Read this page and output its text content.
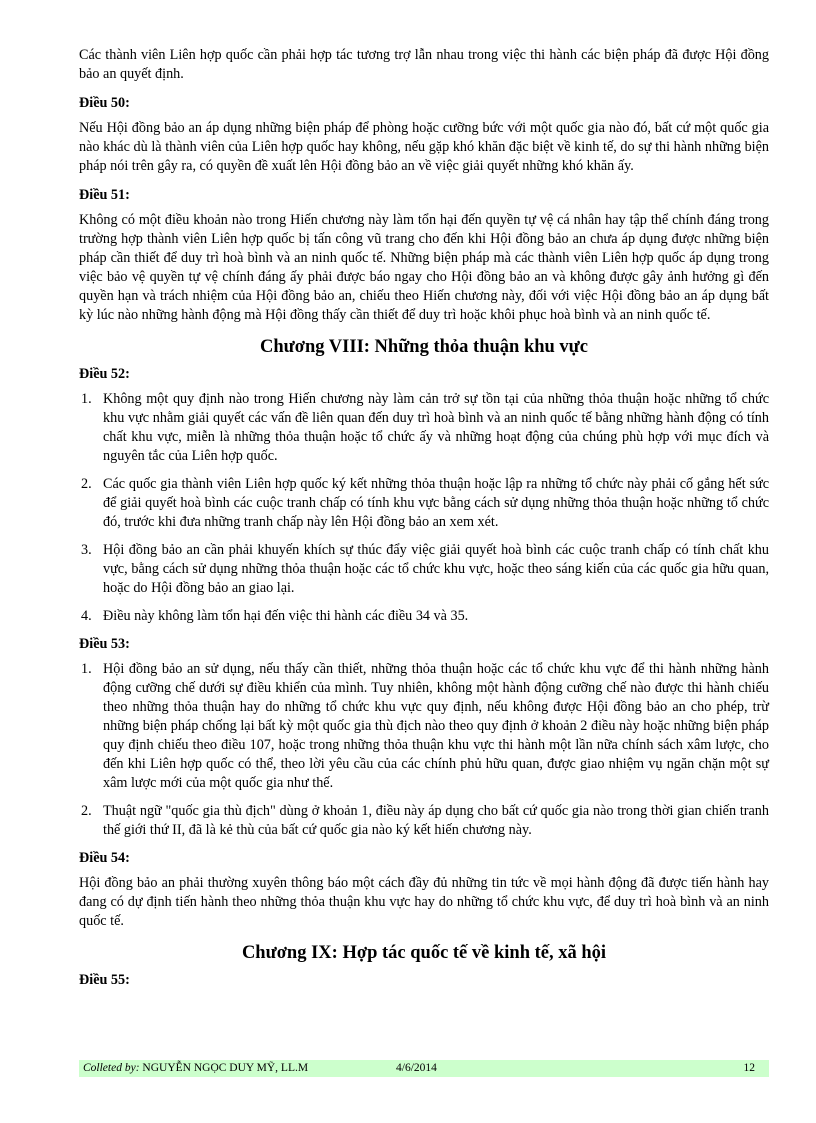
Các thành viên Liên hợp quốc cần phải hợp tác tương trợ lẫn nhau trong việc thi hành các biện pháp đã được Hội đồng bảo an quyết định.

Điều 50:

Nếu Hội đồng bảo an áp dụng những biện pháp để phòng hoặc cưỡng bức với một quốc gia nào đó, bất cứ một quốc gia nào khác dù là thành viên của Liên hợp quốc hay không, nếu gặp khó khăn đặc biệt về kinh tế, do sự thi hành những biện pháp nói trên gây ra, có quyền đề xuất lên Hội đồng bảo an về việc giải quyết những khó khăn ấy.

Điều 51:

Không có một điều khoản nào trong Hiến chương này làm tổn hại đến quyền tự vệ cá nhân hay tập thể chính đáng trong trường hợp thành viên Liên hợp quốc bị tấn công vũ trang cho đến khi Hội đồng bảo an chưa áp dụng được những biện pháp cần thiết để duy trì hoà bình và an ninh quốc tế. Những biện pháp mà các thành viên Liên hợp quốc áp dụng trong việc bảo vệ quyền tự vệ chính đáng ấy phải được báo ngay cho Hội đồng bảo an và không được gây ảnh hưởng gì đến quyền hạn và trách nhiệm của Hội đồng bảo an, chiếu theo Hiến chương này, đối với việc Hội đồng bảo an áp dụng bất kỳ lúc nào những hành động mà Hội đồng thấy cần thiết để duy trì hoặc khôi phục hoà bình và an ninh quốc tế.

Chương VIII: Những thỏa thuận khu vực
Điều 52:
1. Không một quy định nào trong Hiến chương này làm cản trở sự tồn tại của những thỏa thuận hoặc những tổ chức khu vực nhằm giải quyết các vấn đề liên quan đến duy trì hoà bình và an ninh quốc tế bằng những hành động có tính chất khu vực, miễn là những thỏa thuận hoặc tổ chức ấy và những hoạt động của chúng phù hợp với mục đích và nguyên tắc của Liên hợp quốc.
2. Các quốc gia thành viên Liên hợp quốc ký kết những thỏa thuận hoặc lập ra những tổ chức này phải cố gắng hết sức để giải quyết hoà bình các cuộc tranh chấp có tính khu vực bằng cách sử dụng những thỏa thuận hoặc những tổ chức đó, trước khi đưa những tranh chấp này lên Hội đồng bảo an xem xét.
3. Hội đồng bảo an cần phải khuyến khích sự thúc đẩy việc giải quyết hoà bình các cuộc tranh chấp có tính chất khu vực, bằng cách sử dụng những thỏa thuận hoặc các tổ chức khu vực, hoặc theo sáng kiến của các quốc gia hữu quan, hoặc do Hội đồng bảo an giao lại.
4. Điều này không làm tổn hại đến việc thi hành các điều 34 và 35.
Điều 53:
1. Hội đồng bảo an sử dụng, nếu thấy cần thiết, những thỏa thuận hoặc các tổ chức khu vực để thi hành những hành động cưỡng chế dưới sự điều khiển của mình. Tuy nhiên, không một hành động cưỡng chế nào được thi hành chiếu theo những thỏa thuận hay do những tổ chức khu vực quy định, nếu không được Hội đồng bảo an cho phép, trừ những biện pháp chống lại bất kỳ một quốc gia thù địch nào theo quy định ở khoản 2 điều này hoặc những biện pháp quy định chiếu theo điều 107, hoặc trong những thỏa thuận khu vực thi hành một lần nữa chính sách xâm lược, cho đến khi Liên hợp quốc có thể, theo lời yêu cầu của các chính phủ hữu quan, được giao nhiệm vụ ngăn chặn một sự xâm lược mới của một quốc gia như thế.
2. Thuật ngữ "quốc gia thù địch" dùng ở khoản 1, điều này áp dụng cho bất cứ quốc gia nào trong thời gian chiến tranh thế giới thứ II, đã là kẻ thù của bất cứ quốc gia nào ký kết hiến chương này.
Điều 54:

Hội đồng bảo an phải thường xuyên thông báo một cách đầy đủ những tin tức về mọi hành động đã được tiến hành hay đang có dự định tiến hành theo những thỏa thuận khu vực hay do những tổ chức khu vực, để duy trì hoà bình và an ninh quốc tế.

Chương IX: Hợp tác quốc tế về kinh tế, xã hội
Điều 55:
Colleted by: NGUYỄN NGỌC DUY MỸ, LL.M	4/6/2014	12
